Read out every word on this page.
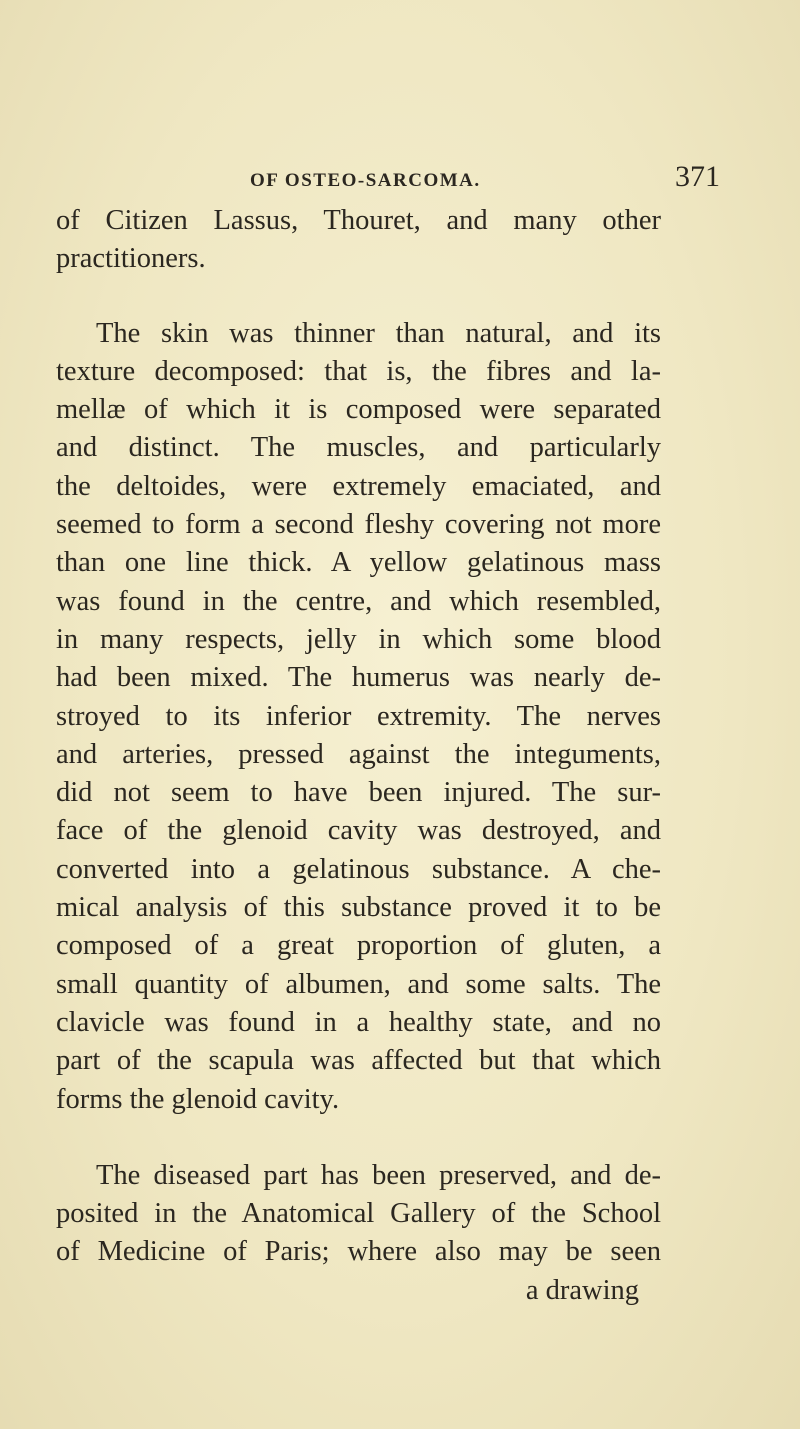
OF OSTEO-SARCOMA.	371
of Citizen Lassus, Thouret, and many other
practitioners.
The skin was thinner than natural, and its
texture decomposed: that is, the fibres and la-
mellæ of which it is composed were separated
and distinct. The muscles, and particularly
the deltoides, were extremely emaciated, and
seemed to form a second fleshy covering not more
than one line thick. A yellow gelatinous mass
was found in the centre, and which resembled,
in many respects, jelly in which some blood
had been mixed. The humerus was nearly de-
stroyed to its inferior extremity. The nerves
and arteries, pressed against the integuments,
did not seem to have been injured. The sur-
face of the glenoid cavity was destroyed, and
converted into a gelatinous substance. A che-
mical analysis of this substance proved it to be
composed of a great proportion of gluten, a
small quantity of albumen, and some salts. The
clavicle was found in a healthy state, and no
part of the scapula was affected but that which
forms the glenoid cavity.
The diseased part has been preserved, and de-
posited in the Anatomical Gallery of the School
of Medicine of Paris; where also may be seen
a drawing
